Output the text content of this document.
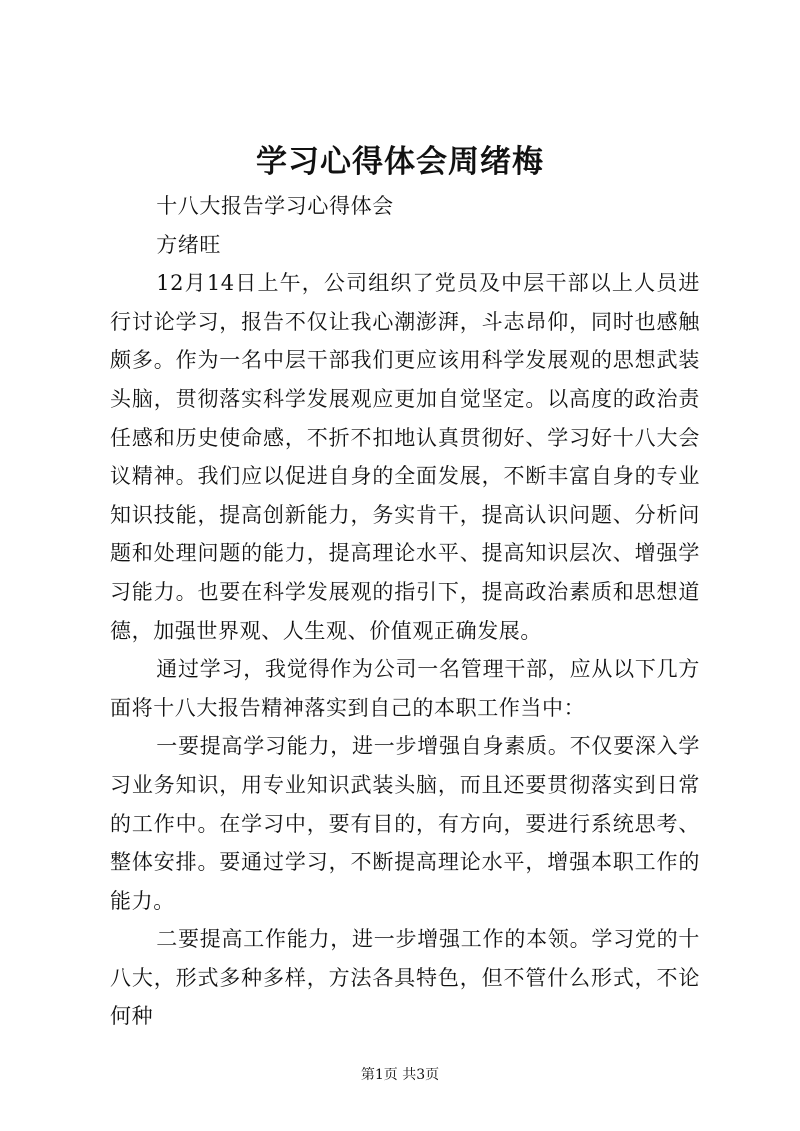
学习心得体会周绪梅

十八大报告学习心得体会

方绪旺

12月14日上午，公司组织了党员及中层干部以上人员进行讨论学习，报告不仅让我心潮澎湃，斗志昂仰，同时也感触颇多。作为一名中层干部我们更应该用科学发展观的思想武装头脑，贯彻落实科学发展观应更加自觉坚定。以高度的政治责任感和历史使命感，不折不扣地认真贯彻好、学习好十八大会议精神。我们应以促进自身的全面发展，不断丰富自身的专业知识技能，提高创新能力，务实肯干，提高认识问题、分析问题和处理问题的能力，提高理论水平、提高知识层次、增强学习能力。也要在科学发展观的指引下，提高政治素质和思想道德，加强世界观、人生观、价值观正确发展。

通过学习，我觉得作为公司一名管理干部，应从以下几方面将十八大报告精神落实到自己的本职工作当中：

一要提高学习能力，进一步增强自身素质。不仅要深入学习业务知识，用专业知识武装头脑，而且还要贯彻落实到日常的工作中。在学习中，要有目的，有方向，要进行系统思考、整体安排。要通过学习，不断提高理论水平，增强本职工作的能力。

二要提高工作能力，进一步增强工作的本领。学习党的十八大，形式多种多样，方法各具特色，但不管什么形式，不论何种

第1页 共3页
